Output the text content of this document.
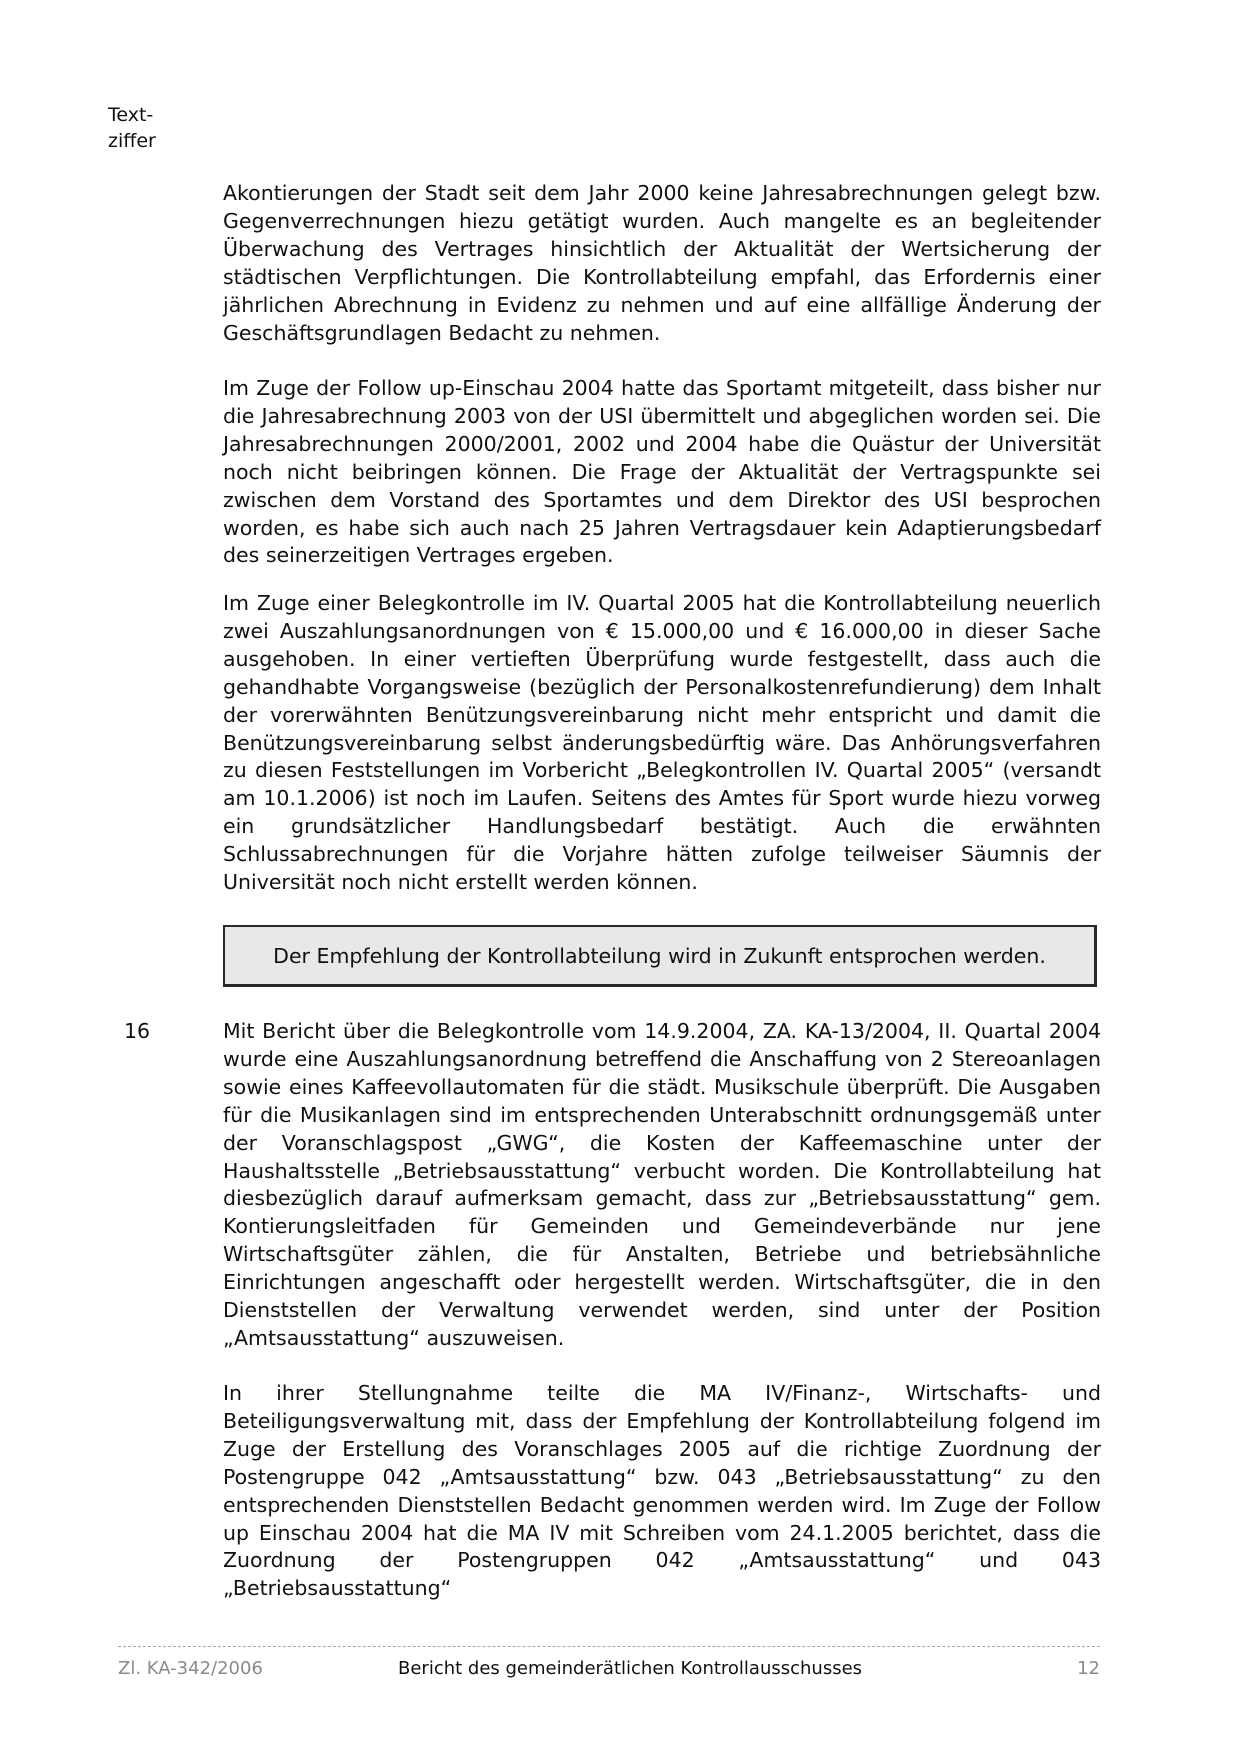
Text-
ziffer

Akontierungen der Stadt seit dem Jahr 2000 keine Jahresabrechnungen gelegt bzw. Gegenverrechnungen hiezu getätigt wurden. Auch mangelte es an begleitender Überwachung des Vertrages hinsichtlich der Aktualität der Wertsicherung der städtischen Verpflichtungen. Die Kontrollabteilung empfahl, das Erfordernis einer jährlichen Abrechnung in Evidenz zu nehmen und auf eine allfällige Änderung der Geschäftsgrundlagen Bedacht zu nehmen.

Im Zuge der Follow up-Einschau 2004 hatte das Sportamt mitgeteilt, dass bisher nur die Jahresabrechnung 2003 von der USI übermittelt und abgeglichen worden sei. Die Jahresabrechnungen 2000/2001, 2002 und 2004 habe die Quästur der Universität noch nicht beibringen können. Die Frage der Aktualität der Vertragspunkte sei zwischen dem Vorstand des Sportamtes und dem Direktor des USI besprochen worden, es habe sich auch nach 25 Jahren Vertragsdauer kein Adaptierungsbedarf des seinerzeitigen Vertrages ergeben.

Im Zuge einer Belegkontrolle im IV. Quartal 2005 hat die Kontrollabteilung neuerlich zwei Auszahlungsanordnungen von € 15.000,00 und € 16.000,00 in dieser Sache ausgehoben. In einer vertieften Überprüfung wurde festgestellt, dass auch die gehandhabte Vorgangsweise (bezüglich der Personalkostenrefundierung) dem Inhalt der vorerwähnten Benützungsvereinbarung nicht mehr entspricht und damit die Benützungsvereinbarung selbst änderungsbedürftig wäre. Das Anhörungsverfahren zu diesen Feststellungen im Vorbericht „Belegkontrollen IV. Quartal 2005“ (versandt am 10.1.2006) ist noch im Laufen. Seitens des Amtes für Sport wurde hiezu vorweg ein grundsätzlicher Handlungsbedarf bestätigt. Auch die erwähnten Schlussabrechnungen für die Vorjahre hätten zufolge teilweiser Säumnis der Universität noch nicht erstellt werden können.

Der Empfehlung der Kontrollabteilung wird in Zukunft entsprochen werden.
16	Mit Bericht über die Belegkontrolle vom 14.9.2004, ZA. KA-13/2004, II. Quartal 2004 wurde eine Auszahlungsanordnung betreffend die Anschaffung von 2 Stereoanlagen sowie eines Kaffeevollautomaten für die städt. Musikschule überprüft. Die Ausgaben für die Musikanlagen sind im entsprechenden Unterabschnitt ordnungsgemäß unter der Voranschlagspost „GWG“, die Kosten der Kaffeemaschine unter der Haushaltsstelle „Betriebsausstattung“ verbucht worden. Die Kontrollabteilung hat diesbezüglich darauf aufmerksam gemacht, dass zur „Betriebsausstattung“ gem. Kontierungsleitfaden für Gemeinden und Gemeindeverbände nur jene Wirtschaftsgüter zählen, die für Anstalten, Betriebe und betriebsähnliche Einrichtungen angeschafft oder hergestellt werden. Wirtschaftsgüter, die in den Dienststellen der Verwaltung verwendet werden, sind unter der Position „Amtsausstattung“ auszuweisen.

In ihrer Stellungnahme teilte die MA IV/Finanz-, Wirtschafts- und Beteiligungsverwaltung mit, dass der Empfehlung der Kontrollabteilung folgend im Zuge der Erstellung des Voranschlages 2005 auf die richtige Zuordnung der Postengruppe 042 „Amtsausstattung“ bzw. 043 „Betriebsausstattung“ zu den entsprechenden Dienststellen Bedacht genommen werden wird. Im Zuge der Follow up Einschau 2004 hat die MA IV mit Schreiben vom 24.1.2005 berichtet, dass die Zuordnung der Postengruppen 042 „Amtsausstattung“ und 043 „Betriebsausstattung“

Zl. KA-342/2006	Bericht des gemeinderätlichen Kontrollausschusses	12
